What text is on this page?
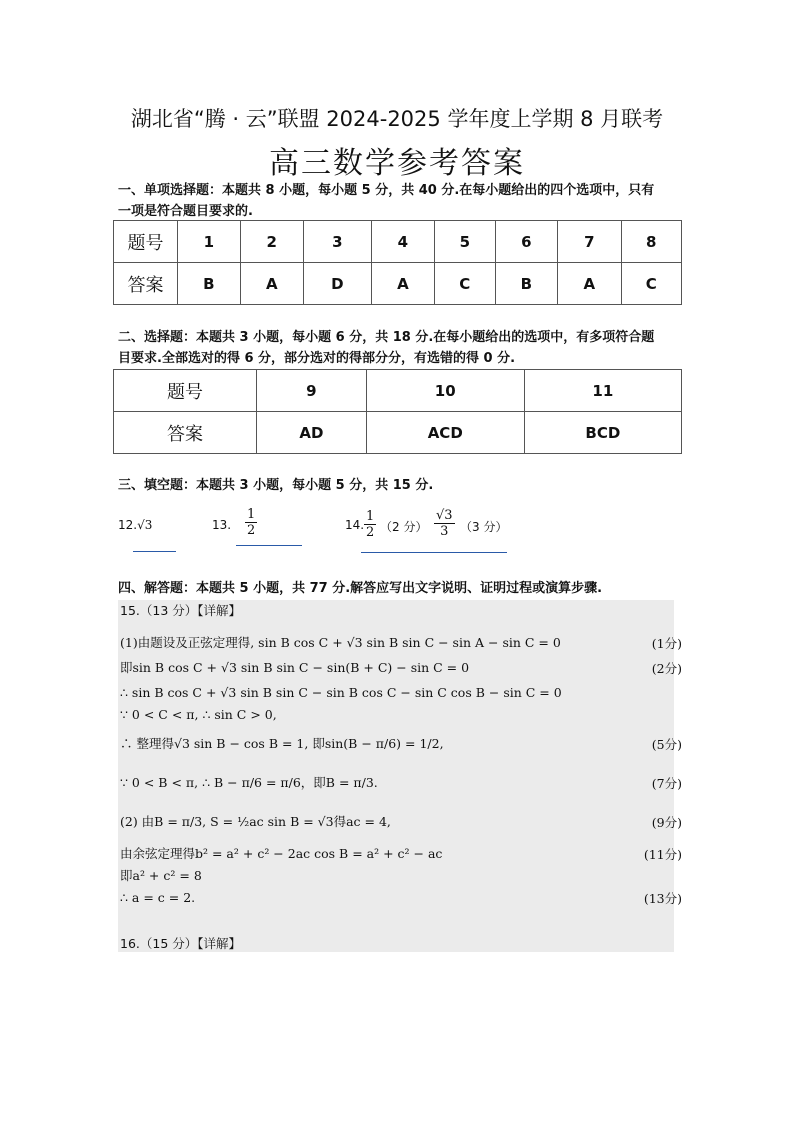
湖北省“腾 · 云”联盟 2024-2025 学年度上学期 8 月联考
高三数学参考答案
一、单项选择题：本题共 8 小题，每小题 5 分，共 40 分.在每小题给出的四个选项中，只有
一项是符合题目要求的.
题号	1	2	3	4	5	6	7	8
答案	B	A	D	A	C	B	A	C
二、选择题：本题共 3 小题，每小题 6 分，共 18 分.在每小题给出的选项中，有多项符合题
目要求.全部选对的得 6 分，部分选对的得部分分，有选错的得 0 分.
题号	9	10	11
答案	AD	ACD	BCD
三、填空题：本题共 3 小题，每小题 5 分，共 15 分.
12.√3	13. $\frac{1}{2}$	14. $\frac{1}{2} (2$ 分） $\frac{√3}{3} (3$ 分）
四、解答题：本题共 5 小题，共 77 分.解答应写出文字说明、证明过程或演算步骤.
15.（13 分）【详解】
(1)由题设及正弦定理得, sin B cos C + √3 sin B sin C − sin A − sin C = 0	(1分)
即sin B cos C + √3 sin B sin C − sin(B + C) − sin C = 0	(2分)
∴ sin B cos C + √3 sin B sin C − sin B cos C − sin C cos B − sin C = 0
∵ 0 < C < π, ∴ sin C > 0,
∴ 整理得√3 sin B − cos B = 1, 即sin(B − π/6) = 1/2,	(5分)
∵ 0 < B < π, ∴ B − π/6 = π/6，即B = π/3.	(7分)
(2) 由B = π/3, S = ½ac sin B = √3得ac = 4,	(9分)
由余弦定理得b² = a² + c² − 2ac cos B = a² + c² − ac	(11分)
即a² + c² = 8
∴ a = c = 2.	(13分)
16.（15 分）【详解】
